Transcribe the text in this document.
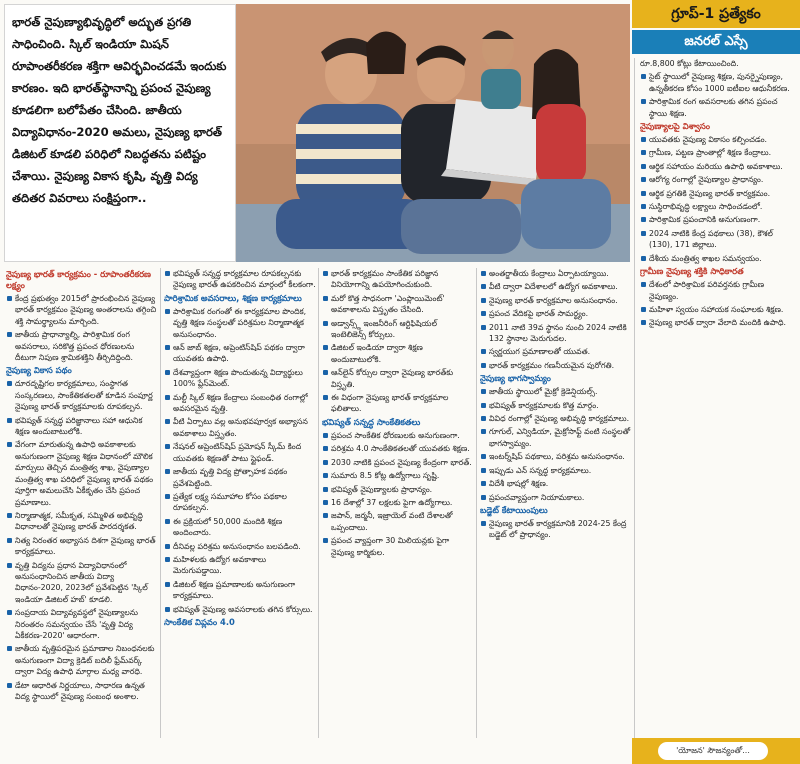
భారత్ నైపుణ్యాభివృద్ధిలో అద్భుత ప్రగతి సాధించింది. స్కిల్ ఇండియా మిషన్ రూపాంతరీకరణ శక్తిగా ఆవిర్భవించడమే ఇందుకు కారణం. ఇది భారత్‌స్థానాన్ని ప్రపంచ నైపుణ్య కూడలిగా బలోపేతం చేసింది. జాతీయ విద్యావిధానం-2020 అమలు, నైపుణ్య భారత్ డిజిటల్ కూడలి పరిధిలో నిబద్ధతను పటిష్టం చేశాయి. నైపుణ్య వికాస కృషి, వృత్తి విద్య తదితర వివరాలు సంక్షిప్తంగా..

గ్రూప్‌-1 ప్రత్యేకం
జనరల్‌ ఎస్సే
నైపుణ్య భారత్ కార్యక్రమం - రూపాంతరీకరణ లక్ష్యం
కేంద్ర ప్రభుత్వం 2015లో ప్రారంభించిన నైపుణ్య భారత్ కార్యక్రమం నైపుణ్య అంతరాలను తగ్గించి శక్తి సామర్థ్యాలను మార్చింది.
జాతీయ ప్రాధాన్యాల్ని, పారిశ్రామిక రంగ అవసరాలు, సరికొత్త ప్రపంచ ధోరణులను దీటుగా నిపుణ శ్రామికశక్తిని తీర్చిదిద్దింది.
నైపుణ్య వికాస పథం
దూరదృష్టిగల కార్యక్రమాలు, సంస్థాగత సంస్కరణలు, సాంకేతికతలతో కూడిన సంపూర్ణ నైపుణ్య భారత్ కార్యక్రమాలకు రూపకల్పన.
భవిష్యత్ సన్నద్ధ పరిజ్ఞానాలు సహా ఆధునిక శిక్షణ అందుబాటులోకి.
వేగంగా మారుతున్న ఉపాధి అవకాశాలకు అనుగుణంగా నైపుణ్య శిక్షణ విధానంలో మౌలిక మార్పులు తెచ్చిన మంత్రిత్వ శాఖ, నైపుణ్యాల మంత్రిత్వ శాఖ పరిధిలో నైపుణ్య భారత్‌ పథకం పూర్తిగా అమలుచేసి ఏకీకృతం చేసి ప్రపంచ ప్రమాణాలు.
నిర్మాణాత్మక, సమీకృత, సమ్మిళిత అభివృద్ధి విధానాలతో నైపుణ్య భారత్ పారదర్శకత.
నిత్య నిరంతర అభ్యాసన దిశగా నైపుణ్య భారత్ కార్యక్రమాలు.
వృత్తి విద్యను ప్రధాన విద్యావిధానంలో అనుసంధానించిన జాతీయ విద్యా విధానం-2020, 2023లో ప్రవేశపెట్టిన 'స్కిల్ ఇండియా డిజిటల్ హబ్' కూడలి.
సంప్రదాయ విద్యావ్యవస్థలో నైపుణ్యాలను నిరంతరం సమన్వయం చేసే 'వృత్తి విద్య ఏకీకరణ-2020' ఆధారంగా.
జాతీయ వృత్తిపరమైన ప్రమాణాల నిబంధనలకు అనుగుణంగా విద్యా క్రెడిట్ బదిలీ ఫ్రేమ్‌వర్క్ ద్వారా విద్య ఉపాధి మార్గాల మధ్య వారధి.
డేటా ఆధారిత నిర్ణయాలు, సాధారణ ఉన్నత విద్య స్థాయిలో నైపుణ్య సంబంధ అంశాల.
భవిష్యత్ సన్నద్ధ కార్యక్రమాల రూపకల్పనకు నైపుణ్య భారత్ ఉపకరించిన మార్గంలో కీలకంగా.
పారిశ్రామిక అవసరాలు, శిక్షణ కార్యక్రమాలు
పారిశ్రామిక రంగంతో ఈ కార్యక్రమాల పొందిక, వృత్తి శిక్షణ సంస్థలతో పరిశ్రమల నిర్మాణాత్మక అనుసంధానం.
ఆన్‌ జాబ్ శిక్షణ, అప్రెంటిస్‌షిప్ పథకం ద్వారా యువతకు ఉపాధి.
దేశవ్యాప్తంగా శిక్షణ పొందుతున్న విద్యార్థులు 100% ప్లేస్‌మెంట్.
మల్టీ స్కిల్ శిక్షణ కేంద్రాలు సంబంధిత రంగాల్లో అవసరమైన వృత్తి.
వీటి ఏర్పాటు వల్ల అనుభవపూర్వక అభ్యాసన అవకాశాలు విస్తృతం.
నేషనల్ అప్రెంటిస్‌షిప్ ప్రమోషన్ స్కీమ్ కింద యువతకు శిక్షణతో పాటు స్టైఫండ్.
జాతీయ వృత్తి విద్య ప్రోత్సాహక పథకం ప్రవేశపెట్టింది.
ప్రత్యేక లక్ష్య సమూహాల కోసం పథకాల రూపకల్పన.
ఈ ప్రక్రియలో 50,000 మందికి శిక్షణ అందించారు.
దీనివల్ల పరిశ్రమ అనుసంధానం బలపడింది.
మహిళలకు ఉద్యోగ అవకాశాలు మెరుగుపడ్డాయి.
డిజిటల్ శిక్షణ ప్రమాణాలకు అనుగుణంగా కార్యక్రమాలు.
భవిష్యత్ నైపుణ్య అవసరాలకు తగిన కోర్సులు.
సాంకేతిక విప్లవం 4.0
భారత్ కార్యక్రమం సాంకేతిక పరిజ్ఞాన వినియోగాన్ని ఉపయోగించుకుంది.
మరో కొత్త సాధనంగా 'ఎంప్లాయిమెంట్' అవకాశాలను విస్తృతం చేసింది.
అడ్వాన్స్డ్ ఇంజనీరింగ్ ఆర్టిఫిషియల్ ఇంటెలిజెన్స్ కోర్సులు.
డిజిటల్ ఇండియా ద్వారా శిక్షణ అందుబాటులోకి.
ఆన్‌లైన్ కోర్సుల ద్వారా నైపుణ్య భారత్‌కు విస్తృతి.
ఈ విధంగా నైపుణ్య భారత్ కార్యక్రమాల ఫలితాలు.
భవిష్యత్ సన్నద్ధ సాంకేతికతలు
ప్రపంచ సాంకేతిక ధోరణులకు అనుగుణంగా.
పరిశ్రమ 4.0 సాంకేతికతలతో యువతకు శిక్షణ.
2030 నాటికి ప్రపంచ నైపుణ్య కేంద్రంగా భారత్.
సుమారు 8.5 కోట్ల ఉద్యోగాలు సృష్టి.
భవిష్యత్ నైపుణ్యాలకు ప్రాధాన్యం.
16 దేశాల్లో 37 లక్షలకు పైగా ఉద్యోగాలు.
జపాన్, జర్మనీ, ఇజ్రాయెల్ వంటి దేశాలతో ఒప్పందాలు.
ప్రపంచ వ్యాప్తంగా 30 మిలియన్లకు పైగా నైపుణ్య కార్మికుల.
అంతర్జాతీయ కేంద్రాలు ఏర్పాటయ్యాయి.
వీటి ద్వారా విదేశాలలో ఉద్యోగ అవకాశాలు.
నైపుణ్య భారత్ కార్యక్రమాల అనుసంధానం.
ప్రపంచ వేదికపై భారత్ సామర్థ్యం.
2011 నాటి 39వ స్థానం నుంచి 2024 నాటికి 132 స్థానాల మెరుగుదల.
స్వర్ణయుగ ప్రమాణాలతో యువత.
భారత్ కార్యక్రమం గణనీయమైన పురోగతి.
నైపుణ్య భాగస్వామ్యం
జాతీయ స్థాయిలో మైక్రో క్రెడెన్షియల్స్.
భవిష్యత్ కార్యక్రమాలకు కొత్త మార్గం.
వివిధ రంగాల్లో నైపుణ్య అభివృద్ధి కార్యక్రమాలు.
గూగుల్, ఎన్విడియా, మైక్రోసాఫ్ట్ వంటి సంస్థలతో భాగస్వామ్యం.
ఇంటర్న్‌షిప్ పథకాలు, పరిశ్రమ అనుసంధానం.
ఇప్పుడు ఎన్ సన్నద్ధ కార్యక్రమాలు.
విదేశీ భాషల్లో శిక్షణ.
ప్రపంచవ్యాప్తంగా నియామకాలు.
బడ్జెట్ కేటాయింపులు
నైపుణ్య భారత్ కార్యక్రమానికి 2024-25 కేంద్ర బడ్జెట్ లో ప్రాధాన్యం.
రూ.8,800 కోట్లు కేటాయించింది.
సైట్ స్థాయిలో నైపుణ్య శిక్షణ, పునర్నైపుణ్యం, ఉన్నతీకరణ కోసం 1000 ఐటీఐల ఆధునీకరణ.
పారిశ్రామిక రంగ అవసరాలకు తగిన ప్రపంచ స్థాయి శిక్షణ.
నైపుణ్యాలపై విశ్వాసం
యువతకు నైపుణ్య వికాసం కల్పించడం.
గ్రామీణ, పట్టణ ప్రాంతాల్లో శిక్షణ కేంద్రాలు.
ఆర్థిక సహాయం మరియు ఉపాధి అవకాశాలు.
ఆరోగ్య రంగాల్లో నైపుణ్యాల ప్రాధాన్యం.
ఆర్థిక ప్రగతికి నైపుణ్య భారత్ కార్యక్రమం.
సుస్థిరాభివృద్ధి లక్ష్యాలు సాధించడంలో.
పారిశ్రామిక ప్రపంచానికి అనుగుణంగా.
2024 నాటికి కేంద్ర పథకాలు (38), కౌశల్ (130), 171 జిల్లాలు.
దేశీయ మంత్రిత్వ శాఖల సమన్వయం.
గ్రామీణ నైపుణ్య శక్తికి సాధికారత
దేశంలో పారిశ్రామిక పరివర్తనకు గ్రామీణ నైపుణ్యం.
మహిళా స్వయం సహాయక సంఘాలకు శిక్షణ.
నైపుణ్య భారత్ ద్వారా వేలాది మందికి ఉపాధి.
'యోజన' సౌజన్యంతో...
